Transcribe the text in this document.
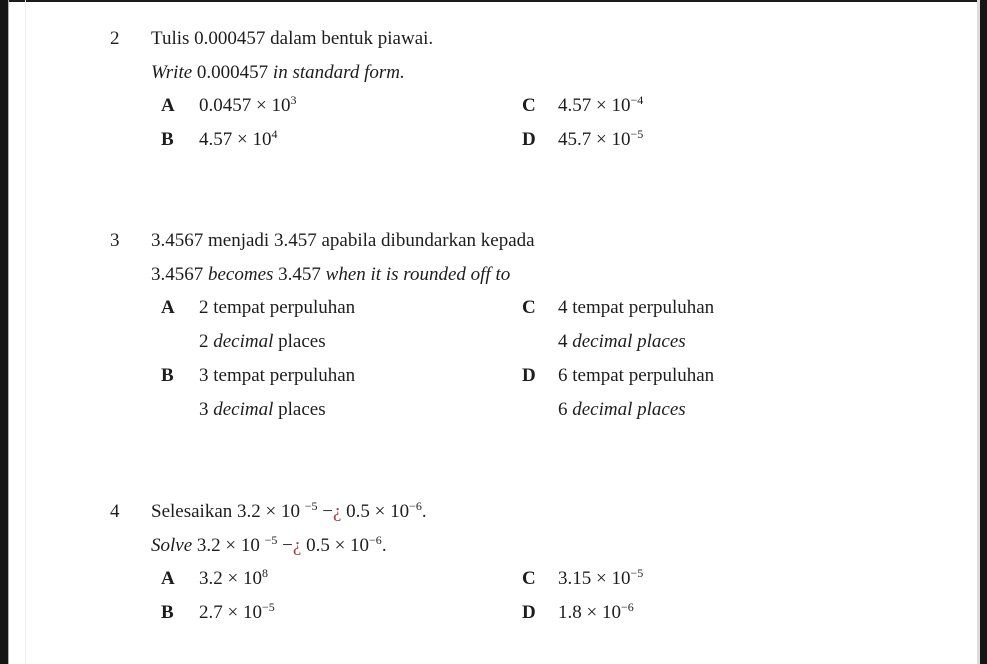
2 Tulis 0.000457 dalam bentuk piawai.
Write 0.000457 in standard form.
A $0.0457 \times 10^3$
B $4.57 \times 10^4$
C $4.57 \times 10^{-4}$
D $45.7 \times 10^{-5}$
3 3.4567 menjadi 3.457 apabila dibundarkan kepada
3.4567 becomes 3.457 when it is rounded off to
A 2 tempat perpuluhan
2 decimal places
B 3 tempat perpuluhan
3 decimal places
C 4 tempat perpuluhan
4 decimal places
D 6 tempat perpuluhan
6 decimal places
4 Selesaikan 3.2 × 10 $^{-5}$ −¿ $0.5 \times 10^{-6}$.
Solve 3.2 × 10 $^{-5}$ −¿ $0.5 \times 10^{-6}$.
A $3.2 \times 10^8$
B $2.7 \times 10^{-5}$
C $3.15 \times 10^{-5}$
D $1.8 \times 10^{-6}$
